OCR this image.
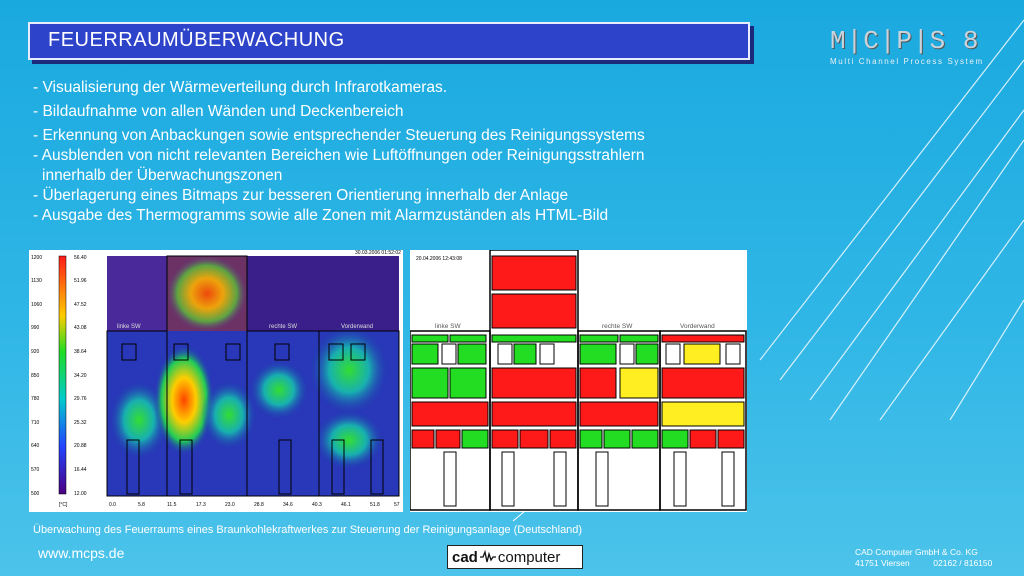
FEUERRAUMÜBERWACHUNG	M|C|P|S 8
Multi Channel Process System
- Visualisierung der Wärmeverteilung durch Infrarotkameras.
- Bildaufnahme von allen Wänden und Deckenbereich
- Erkennung von Anbackungen sowie entsprechender Steuerung des Reinigungssystems
- Ausblenden von nicht relevanten Bereichen wie Luftöffnungen oder Reinigungsstrahlern
innerhalb der Überwachungszonen
- Überlagerung eines Bitmaps zur besseren Orientierung innerhalb der Anlage
- Ausgabe des Thermogramms sowie alle Zonen mit Alarmzuständen als HTML-Bild
1200
1130
1060
990
920
850
780
710
640
570
500
56.40
51.96
47.52
43.08
38.64
34.20
29.76
25.32
20.88
16.44
12.00
[°C]
30.03.2006 01:52:02
0.0	5.8	11.5	17.3	23.0	28.8	34.6	40.3	46.1	51.8	57
linke SW	rechte SW	Vorderwand
20.04.2006 12:43:08
linke SW	rechte SW	Vorderwand
Überwachung des Feuerraums eines Braunkohlekraftwerkes zur Steuerung der Reinigungsanlage (Deutschland)
www.mcps.de	cad computer	CAD Computer GmbH & Co. KG
41751 Viersen          02162 / 816150
